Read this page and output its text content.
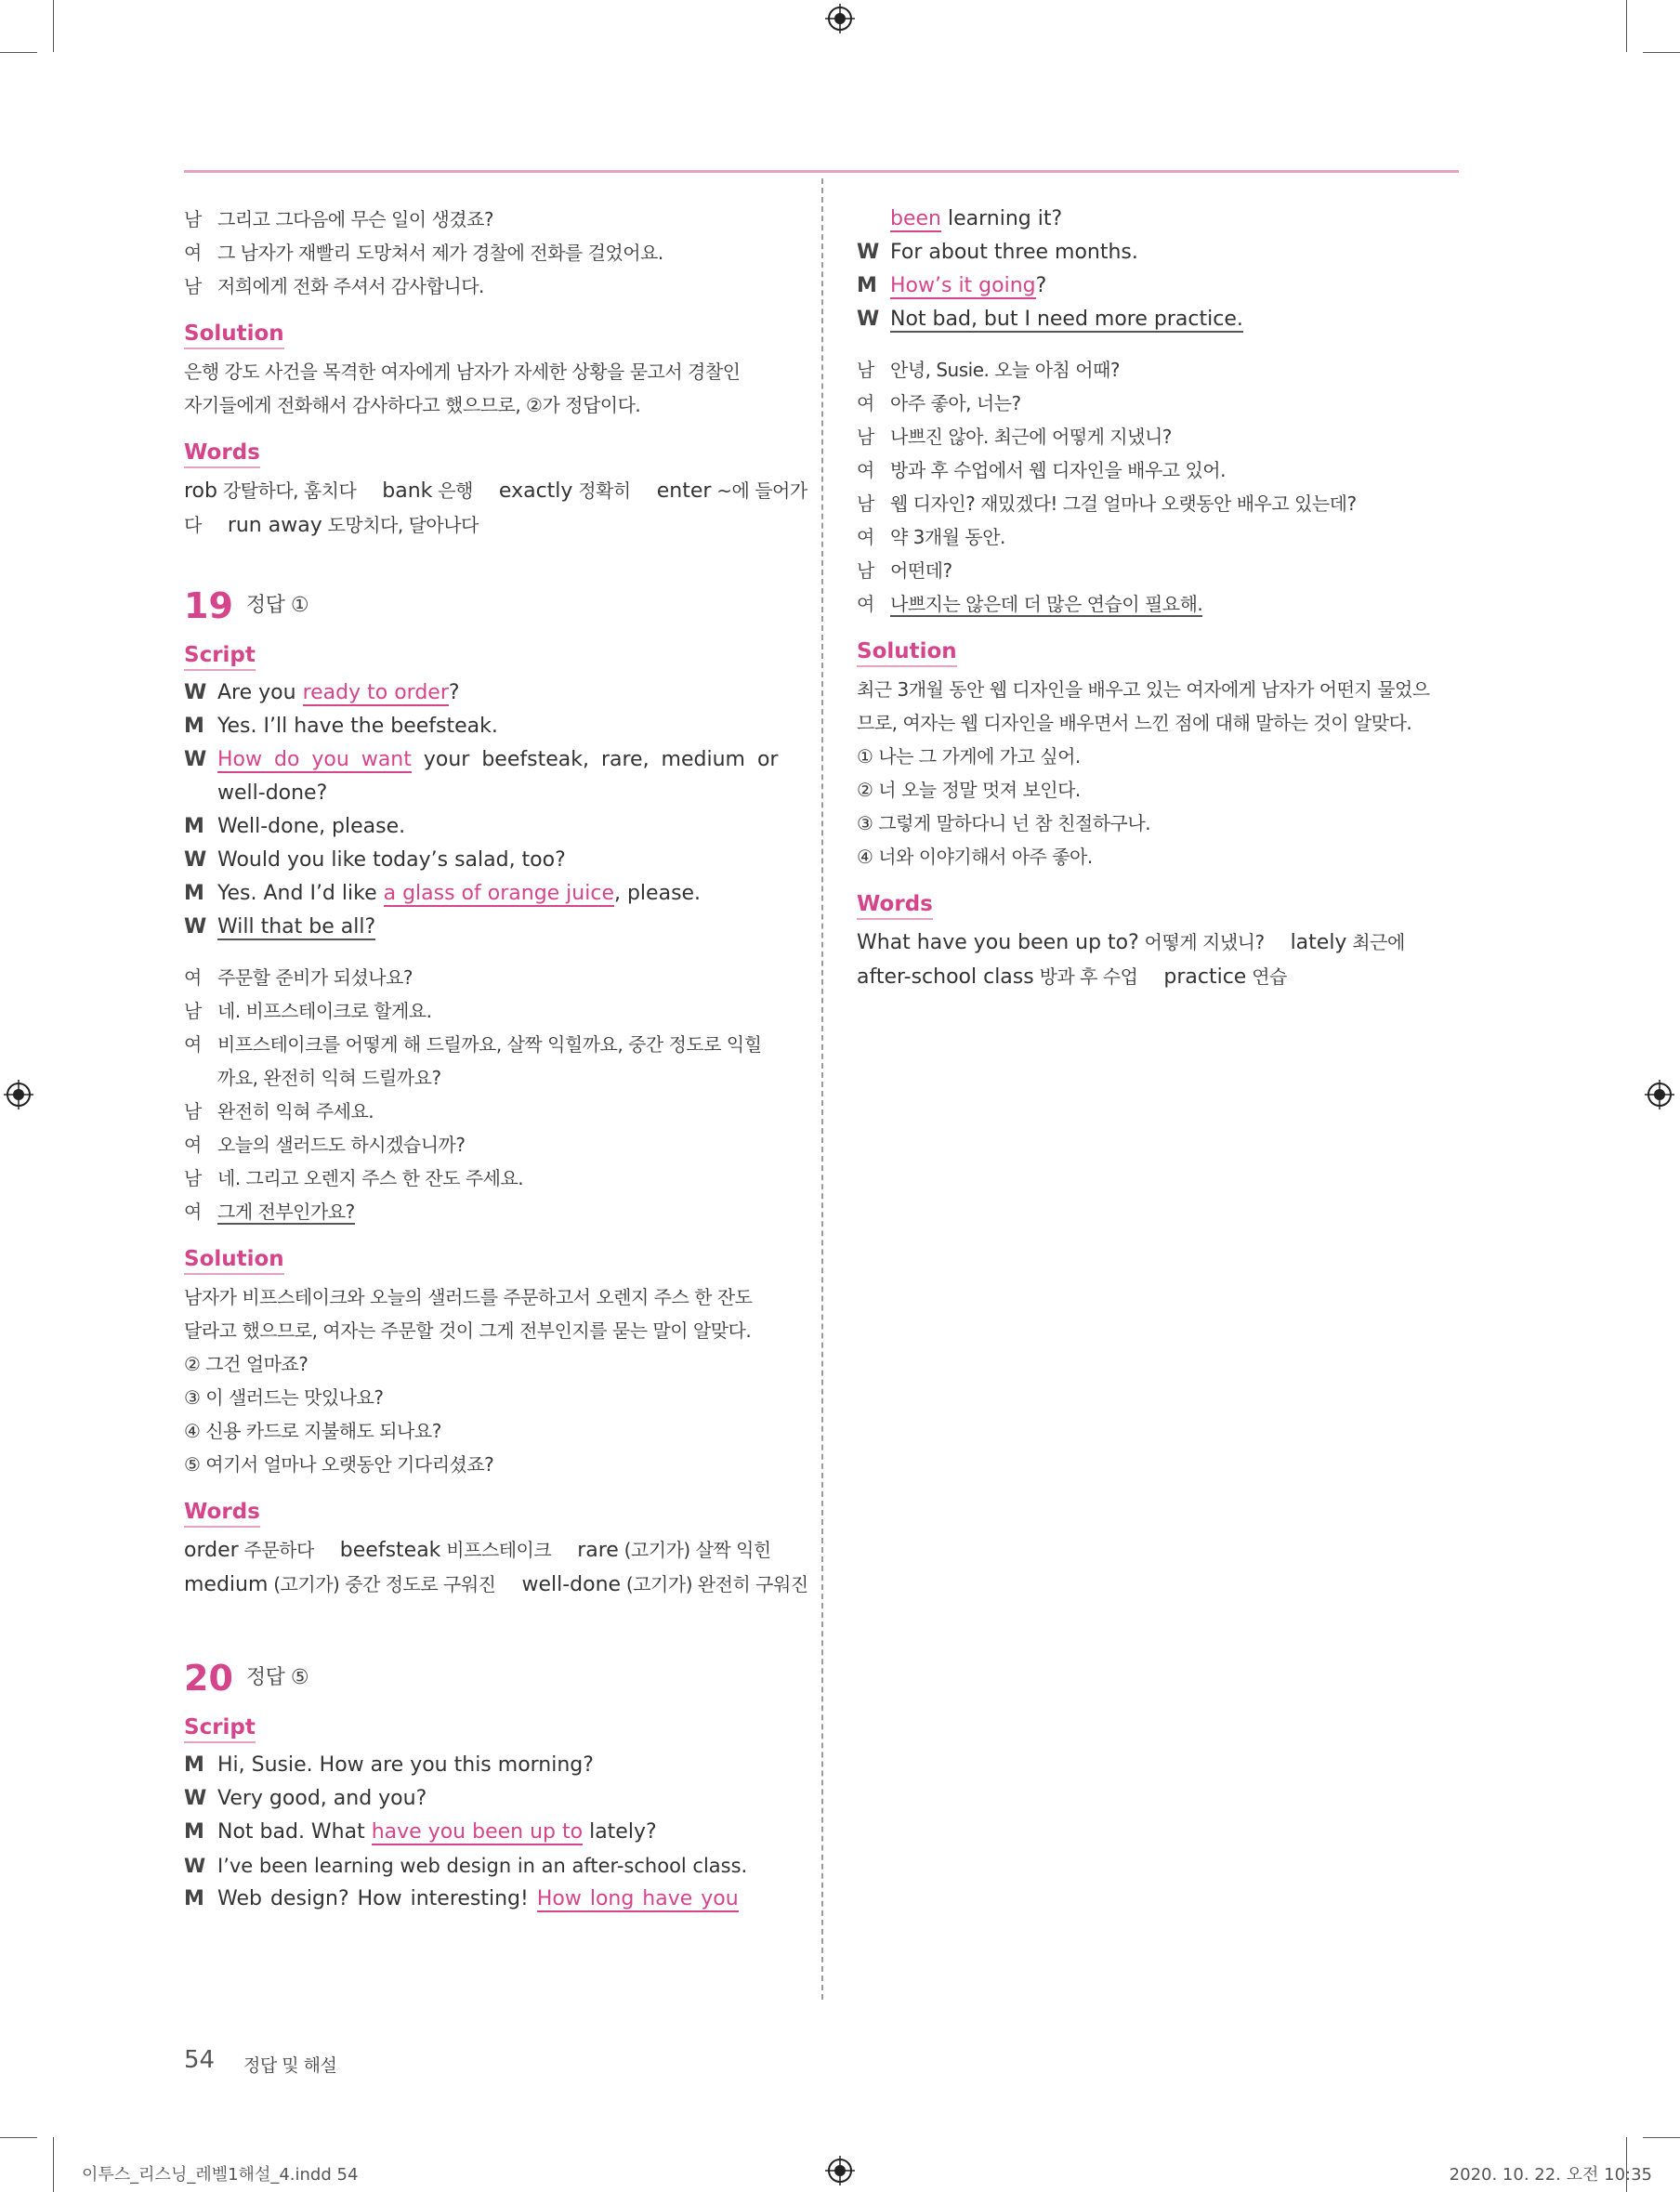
남 그리고 그다음에 무슨 일이 생겼죠?
여 그 남자가 재빨리 도망쳐서 제가 경찰에 전화를 걸었어요.
남 저희에게 전화 주셔서 감사합니다.
Solution
은행 강도 사건을 목격한 여자에게 남자가 자세한 상황을 묻고서 경찰인
자기들에게 전화해서 감사하다고 했으므로, ②가 정답이다.
Words
rob 강탈하다, 훔치다 bank 은행 exactly 정확히 enter ~에 들어가
다 run away 도망치다, 달아나다
19 정답 ①
Script
W Are you ready to order?
M Yes. I’ll have the beefsteak.
W How do you want your beefsteak, rare, medium or
well-done?
M Well-done, please.
W Would you like today’s salad, too?
M Yes. And I’d like a glass of orange juice, please.
W Will that be all?
여 주문할 준비가 되셨나요?
남 네. 비프스테이크로 할게요.
여 비프스테이크를 어떻게 해 드릴까요, 살짝 익힐까요, 중간 정도로 익힐
까요, 완전히 익혀 드릴까요?
남 완전히 익혀 주세요.
여 오늘의 샐러드도 하시겠습니까?
남 네. 그리고 오렌지 주스 한 잔도 주세요.
여 그게 전부인가요?
Solution
남자가 비프스테이크와 오늘의 샐러드를 주문하고서 오렌지 주스 한 잔도
달라고 했으므로, 여자는 주문할 것이 그게 전부인지를 묻는 말이 알맞다.
② 그건 얼마죠?
③ 이 샐러드는 맛있나요?
④ 신용 카드로 지불해도 되나요?
⑤ 여기서 얼마나 오랫동안 기다리셨죠?
Words
order 주문하다 beefsteak 비프스테이크 rare (고기가) 살짝 익힌
medium (고기가) 중간 정도로 구워진 well-done (고기가) 완전히 구워진
20 정답 ⑤
Script
M Hi, Susie. How are you this morning?
W Very good, and you?
M Not bad. What have you been up to lately?
W I’ve been learning web design in an after-school class.
M Web design? How interesting! How long have you
been learning it?
W For about three months.
M How’s it going?
W Not bad, but I need more practice.
남 안녕, Susie. 오늘 아침 어때?
여 아주 좋아, 너는?
남 나쁘진 않아. 최근에 어떻게 지냈니?
여 방과 후 수업에서 웹 디자인을 배우고 있어.
남 웹 디자인? 재밌겠다! 그걸 얼마나 오랫동안 배우고 있는데?
여 약 3개월 동안.
남 어떤데?
여 나쁘지는 않은데 더 많은 연습이 필요해.
Solution
최근 3개월 동안 웹 디자인을 배우고 있는 여자에게 남자가 어떤지 물었으
므로, 여자는 웹 디자인을 배우면서 느낀 점에 대해 말하는 것이 알맞다.
① 나는 그 가게에 가고 싶어.
② 너 오늘 정말 멋져 보인다.
③ 그렇게 말하다니 넌 참 친절하구나.
④ 너와 이야기해서 아주 좋아.
Words
What have you been up to? 어떻게 지냈니? lately 최근에
after-school class 방과 후 수업 practice 연습
54 정답 및 해설
이투스_리스닝_레벨1해설_4.indd 54	2020. 10. 22. 오전 10:35
